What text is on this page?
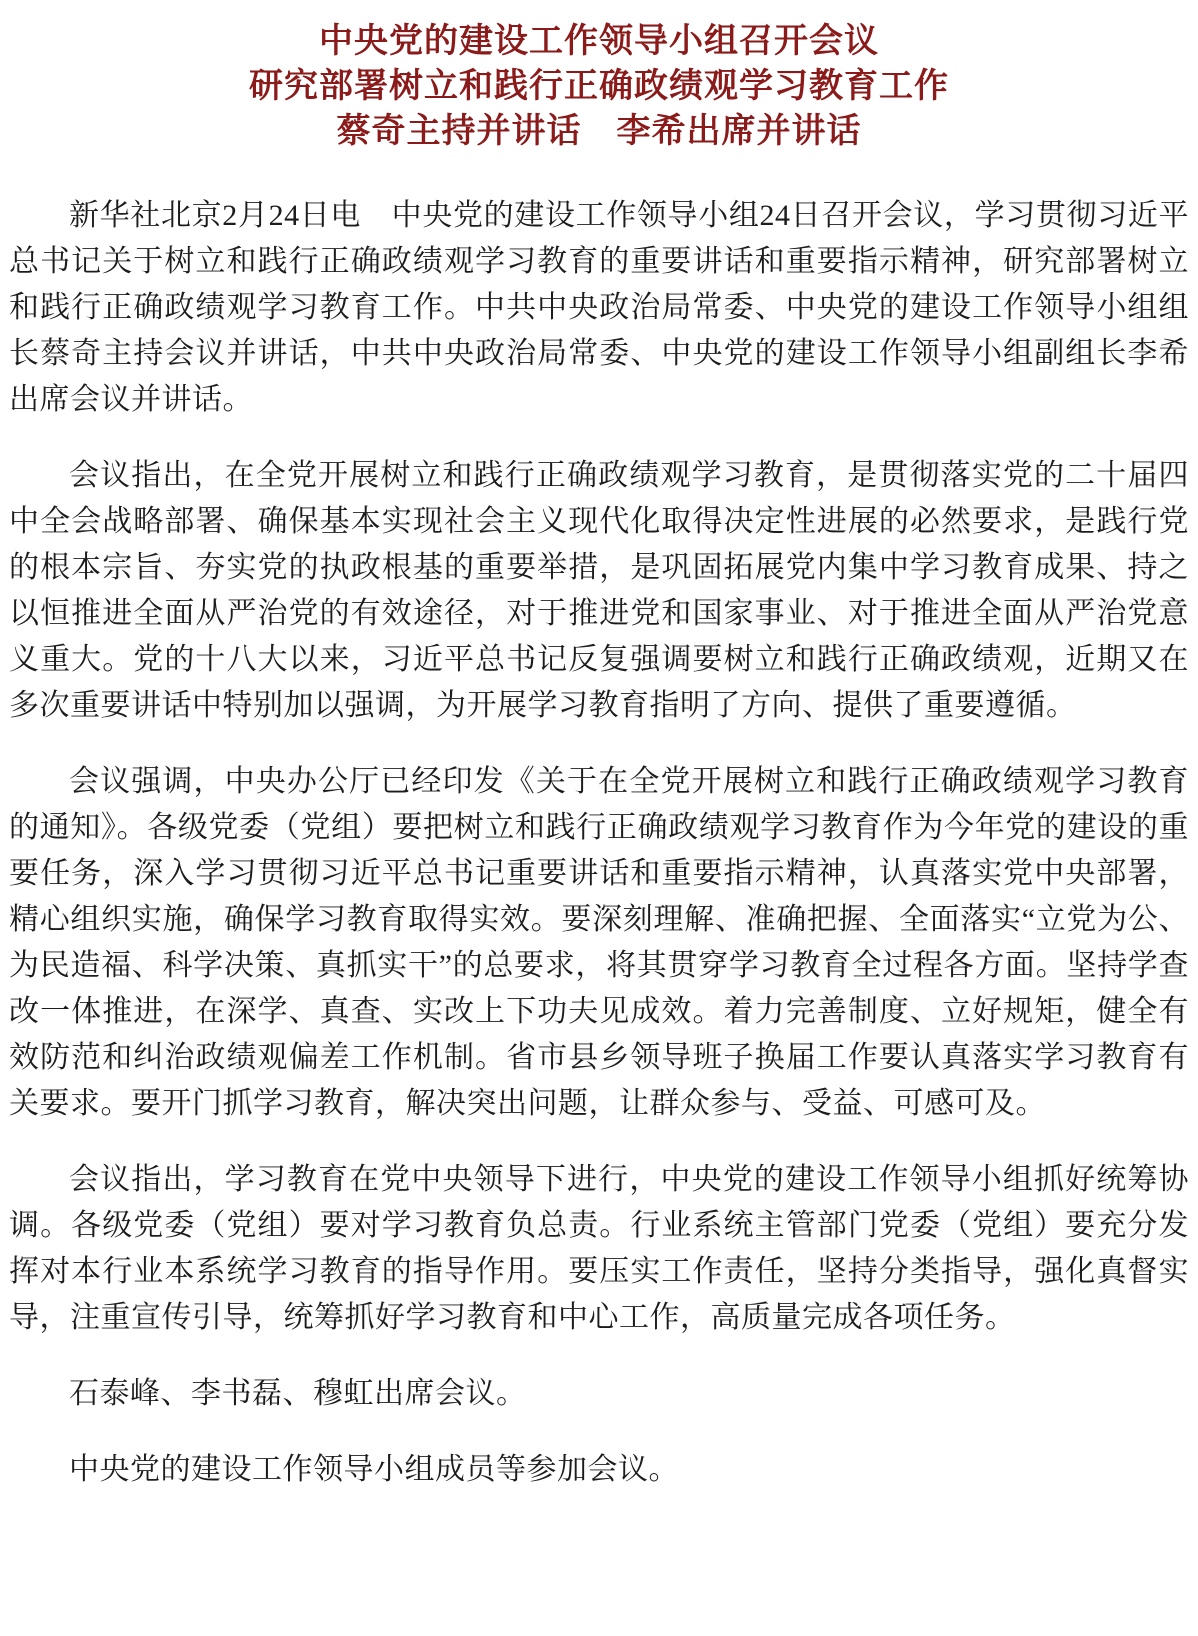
中央党的建设工作领导小组召开会议
研究部署树立和践行正确政绩观学习教育工作
蔡奇主持并讲话　李希出席并讲话

新华社北京2月24日电　中央党的建设工作领导小组24日召开会议，学习贯彻习近平总书记关于树立和践行正确政绩观学习教育的重要讲话和重要指示精神，研究部署树立和践行正确政绩观学习教育工作。中共中央政治局常委、中央党的建设工作领导小组组长蔡奇主持会议并讲话，中共中央政治局常委、中央党的建设工作领导小组副组长李希出席会议并讲话。

会议指出，在全党开展树立和践行正确政绩观学习教育，是贯彻落实党的二十届四中全会战略部署、确保基本实现社会主义现代化取得决定性进展的必然要求，是践行党的根本宗旨、夯实党的执政根基的重要举措，是巩固拓展党内集中学习教育成果、持之以恒推进全面从严治党的有效途径，对于推进党和国家事业、对于推进全面从严治党意义重大。党的十八大以来，习近平总书记反复强调要树立和践行正确政绩观，近期又在多次重要讲话中特别加以强调，为开展学习教育指明了方向、提供了重要遵循。

会议强调，中央办公厅已经印发《关于在全党开展树立和践行正确政绩观学习教育的通知》。各级党委（党组）要把树立和践行正确政绩观学习教育作为今年党的建设的重要任务，深入学习贯彻习近平总书记重要讲话和重要指示精神，认真落实党中央部署，精心组织实施，确保学习教育取得实效。要深刻理解、准确把握、全面落实“立党为公、为民造福、科学决策、真抓实干”的总要求，将其贯穿学习教育全过程各方面。坚持学查改一体推进，在深学、真查、实改上下功夫见成效。着力完善制度、立好规矩，健全有效防范和纠治政绩观偏差工作机制。省市县乡领导班子换届工作要认真落实学习教育有关要求。要开门抓学习教育，解决突出问题，让群众参与、受益、可感可及。

会议指出，学习教育在党中央领导下进行，中央党的建设工作领导小组抓好统筹协调。各级党委（党组）要对学习教育负总责。行业系统主管部门党委（党组）要充分发挥对本行业本系统学习教育的指导作用。要压实工作责任，坚持分类指导，强化真督实导，注重宣传引导，统筹抓好学习教育和中心工作，高质量完成各项任务。

石泰峰、李书磊、穆虹出席会议。

中央党的建设工作领导小组成员等参加会议。
